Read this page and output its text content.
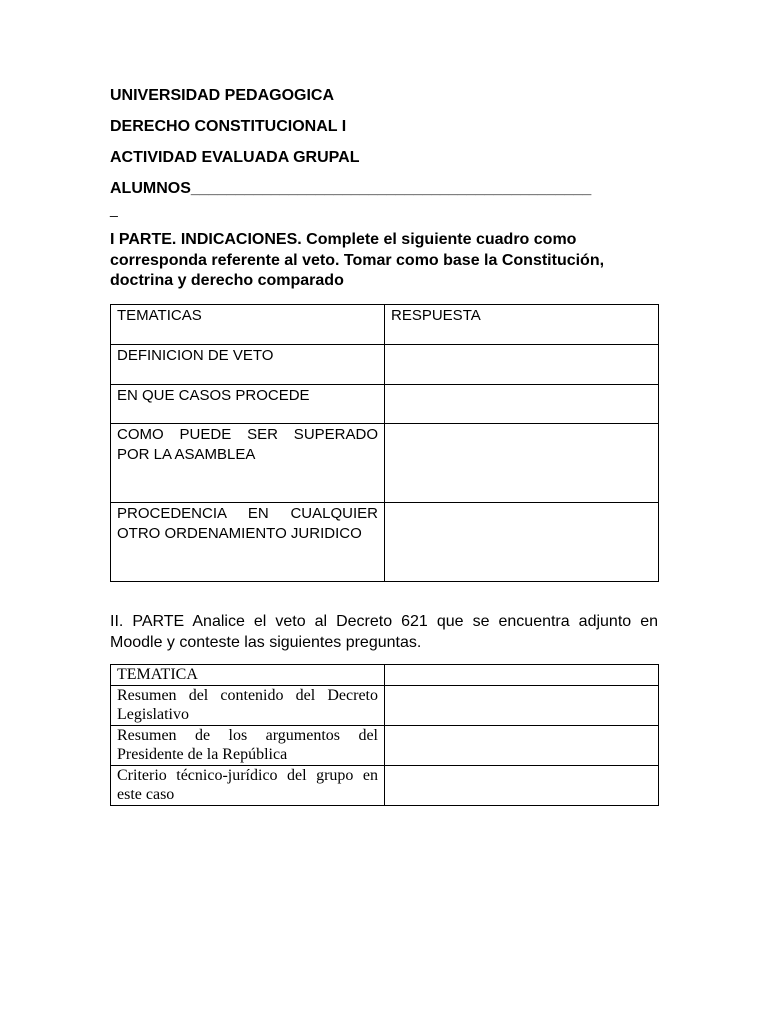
UNIVERSIDAD PEDAGOGICA

DERECHO CONSTITUCIONAL I

ACTIVIDAD EVALUADA GRUPAL

ALUMNOS_____________________________________________

_

I PARTE. INDICACIONES. Complete el siguiente cuadro como corresponda referente al veto. Tomar como base la Constitución, doctrina y derecho comparado

TEMATICAS	RESPUESTA
DEFINICION DE VETO	
EN QUE CASOS PROCEDE	
COMO PUEDE SER SUPERADO POR LA ASAMBLEA	
PROCEDENCIA EN CUALQUIER OTRO ORDENAMIENTO JURIDICO	

II. PARTE Analice el veto al Decreto 621 que se encuentra adjunto en Moodle y conteste las siguientes preguntas.

TEMATICA	
Resumen del contenido del Decreto Legislativo	
Resumen de los argumentos del Presidente de la República	
Criterio técnico-jurídico del grupo en este caso	
